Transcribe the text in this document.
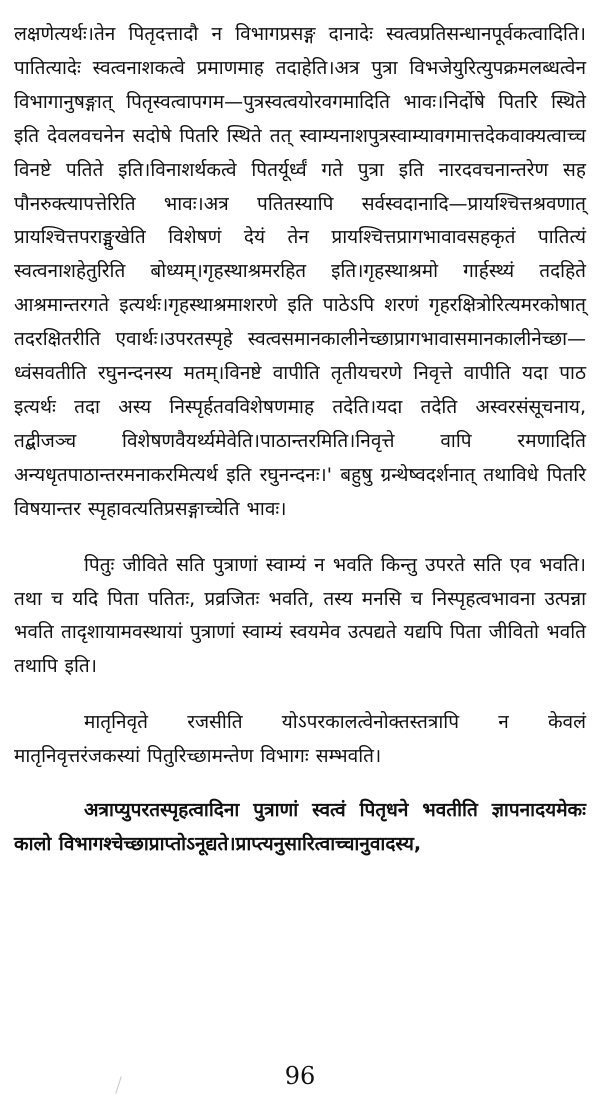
लक्षणेत्यर्थः।तेन पितृदत्तादौ न विभागप्रसङ्ग दानादेः स्वत्वप्रतिसन्धानपूर्वकत्वादिति।पातित्यादेः स्वत्वनाशकत्वे प्रमाणमाह तदाहेति।अत्र पुत्रा विभजेयुरित्युपक्रमलब्धत्वेन विभागानुषङ्गात् पितृस्वत्वापगम—पुत्रस्वत्वयोरवगमादिति भावः।निर्दोषे पितरि स्थिते इति देवलवचनेन सदोषे पितरि स्थिते तत् स्वाम्यनाशपुत्रस्वाम्यावगमात्तदेकवाक्यत्वाच्च विनष्टे पतिते इति।विनाशर्थकत्वे पितर्यूर्ध्वं गते पुत्रा इति नारदवचनान्तरेण सह पौनरुक्त्यापत्तेरिति भावः।अत्र पतितस्यापि सर्वस्वदानादि—प्रायश्चित्तश्रवणात् प्रायश्चित्तपराङ्मुखेति विशेषणं देयं तेन प्रायश्चित्तप्रागभावावसहकृतं पातित्यं स्वत्वनाशहेतुरिति बोध्यम्।गृहस्थाश्रमरहित इति।गृहस्थाश्रमो गार्हस्थ्यं तदहिते आश्रमान्तरगते इत्यर्थः।गृहस्थाश्रमाशरणे इति पाठेऽपि शरणं गृहरक्षित्रोरित्यमरकोषात् तदरक्षितरीति एवार्थः।उपरतस्पृहे स्वत्वसमानकालीनेच्छाप्रागभावासमानकालीनेच्छा—ध्वंसवतीति रघुनन्दनस्य मतम्।विनष्टे वापीति तृतीयचरणे निवृत्ते वापीति यदा पाठ इत्यर्थः तदा अस्य निस्पृर्हतवविशेषणमाह तदेति।यदा तदेति अस्वरसंसूचनाय, तद्बीजञ्च विशेषणवैयर्थ्यमेवेति।पाठान्तरमिति।निवृत्ते वापि रमणादिति अन्यधृतपाठान्तरमनाकरमित्यर्थ इति रघुनन्दनः।' बहुषु ग्रन्थेष्वदर्शनात् तथाविधे पितरि विषयान्तर स्पृहावत्यतिप्रसङ्गाच्चेति भावः।

पितुः जीविते सति पुत्राणां स्वाम्यं न भवति किन्तु उपरते सति एव भवति।तथा च यदि पिता पतितः, प्रव्रजितः भवति, तस्य मनसि च निस्पृहत्वभावना उत्पन्ना भवति तादृशायामवस्थायां पुत्राणां स्वाम्यं स्वयमेव उत्पद्यते यद्यपि पिता जीवितो भवति तथापि इति।

मातृनिवृते रजसीति योऽपरकालत्वेनोक्तस्तत्रापि न केवलं मातृनिवृत्तरंजकस्यां पितुरिच्छामन्तेण विभागः सम्भवति।

अत्राप्युपरतस्पृहत्वादिना पुत्राणां स्वत्वं पितृधने भवतीति ज्ञापनादयमेकः कालो विभागश्चेच्छाप्राप्तोऽनूद्यते।प्राप्त्यनुसारित्वाच्चानुवादस्य,

96
